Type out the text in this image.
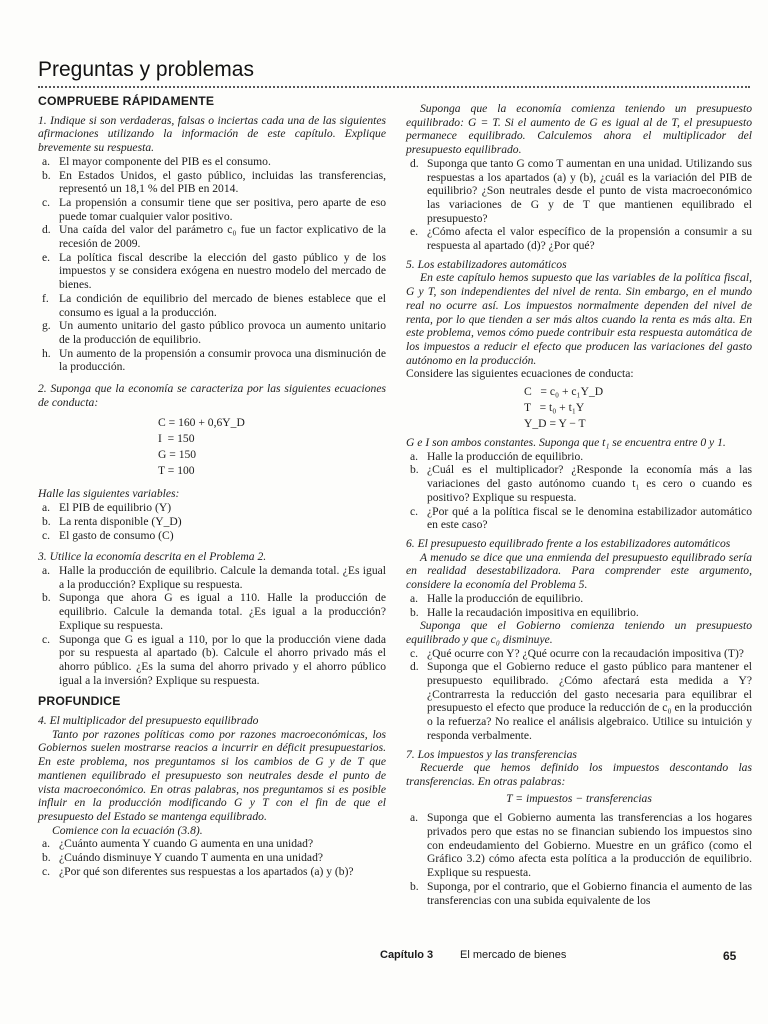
Preguntas y problemas
COMPRUEBE RÁPIDAMENTE

1. Indique si son verdaderas, falsas o inciertas cada una de las siguientes afirmaciones utilizando la información de este capítulo. Explique brevemente su respuesta.

a. El mayor componente del PIB es el consumo.
b. En Estados Unidos, el gasto público, incluidas las transferencias, representó un 18,1 % del PIB en 2014.
c. La propensión a consumir tiene que ser positiva, pero aparte de eso puede tomar cualquier valor positivo.
d. Una caída del valor del parámetro c₀ fue un factor explicativo de la recesión de 2009.
e. La política fiscal describe la elección del gasto público y de los impuestos y se considera exógena en nuestro modelo del mercado de bienes.
f. La condición de equilibrio del mercado de bienes establece que el consumo es igual a la producción.
g. Un aumento unitario del gasto público provoca un aumento unitario de la producción de equilibrio.
h. Un aumento de la propensión a consumir provoca una disminución de la producción.

2. Suponga que la economía se caracteriza por las siguientes ecuaciones de conducta:

C = 160 + 0,6Y_D
I  = 150
G = 150
T = 100

Halle las siguientes variables:

a. El PIB de equilibrio (Y)
b. La renta disponible (Y_D)
c. El gasto de consumo (C)

3. Utilice la economía descrita en el Problema 2.

a. Halle la producción de equilibrio. Calcule la demanda total. ¿Es igual a la producción? Explique su respuesta.
b. Suponga que ahora G es igual a 110. Halle la producción de equilibrio. Calcule la demanda total. ¿Es igual a la producción? Explique su respuesta.
c. Suponga que G es igual a 110, por lo que la producción viene dada por su respuesta al apartado (b). Calcule el ahorro privado más el ahorro público. ¿Es la suma del ahorro privado y el ahorro público igual a la inversión? Explique su respuesta.
PROFUNDICE

4. El multiplicador del presupuesto equilibrado

Tanto por razones políticas como por razones macroeconómicas, los Gobiernos suelen mostrarse reacios a incurrir en déficit presupuestarios. En este problema, nos preguntamos si los cambios de G y de T que mantienen equilibrado el presupuesto son neutrales desde el punto de vista macroeconómico. En otras palabras, nos preguntamos si es posible influir en la producción modificando G y T con el fin de que el presupuesto del Estado se mantenga equilibrado.

Comience con la ecuación (3.8).

a. ¿Cuánto aumenta Y cuando G aumenta en una unidad?
b. ¿Cuándo disminuye Y cuando T aumenta en una unidad?
c. ¿Por qué son diferentes sus respuestas a los apartados (a) y (b)?

Suponga que la economía comienza teniendo un presupuesto equilibrado: G = T. Si el aumento de G es igual al de T, el presupuesto permanece equilibrado. Calculemos ahora el multiplicador del presupuesto equilibrado.

d. Suponga que tanto G como T aumentan en una unidad. Utilizando sus respuestas a los apartados (a) y (b), ¿cuál es la variación del PIB de equilibrio? ¿Son neutrales desde el punto de vista macroeconómico las variaciones de G y de T que mantienen equilibrado el presupuesto?
e. ¿Cómo afecta el valor específico de la propensión a consumir a su respuesta al apartado (d)? ¿Por qué?

5. Los estabilizadores automáticos

En este capítulo hemos supuesto que las variables de la política fiscal, G y T, son independientes del nivel de renta. Sin embargo, en el mundo real no ocurre así. Los impuestos normalmente dependen del nivel de renta, por lo que tienden a ser más altos cuando la renta es más alta. En este problema, vemos cómo puede contribuir esta respuesta automática de los impuestos a reducir el efecto que producen las variaciones del gasto autónomo en la producción.

Considere las siguientes ecuaciones de conducta:

C   = c₀ + c₁Y_D
T   = t₀ + t₁Y
Y_D = Y − T

G e I son ambos constantes. Suponga que t₁ se encuentra entre 0 y 1.

a. Halle la producción de equilibrio.
b. ¿Cuál es el multiplicador? ¿Responde la economía más a las variaciones del gasto autónomo cuando t₁ es cero o cuando es positivo? Explique su respuesta.
c. ¿Por qué a la política fiscal se le denomina estabilizador automático en este caso?

6. El presupuesto equilibrado frente a los estabilizadores automáticos

A menudo se dice que una enmienda del presupuesto equilibrado sería en realidad desestabilizadora. Para comprender este argumento, considere la economía del Problema 5.

a. Halle la producción de equilibrio.
b. Halle la recaudación impositiva en equilibrio.

Suponga que el Gobierno comienza teniendo un presupuesto equilibrado y que c₀ disminuye.

c. ¿Qué ocurre con Y? ¿Qué ocurre con la recaudación impositiva (T)?
d. Suponga que el Gobierno reduce el gasto público para mantener el presupuesto equilibrado. ¿Cómo afectará esta medida a Y? ¿Contrarresta la reducción del gasto necesaria para equilibrar el presupuesto el efecto que produce la reducción de c₀ en la producción o la refuerza? No realice el análisis algebraico. Utilice su intuición y responda verbalmente.

7. Los impuestos y las transferencias

Recuerde que hemos definido los impuestos descontando las transferencias. En otras palabras:

T = impuestos − transferencias

a. Suponga que el Gobierno aumenta las transferencias a los hogares privados pero que estas no se financian subiendo los impuestos sino con endeudamiento del Gobierno. Muestre en un gráfico (como el Gráfico 3.2) cómo afecta esta política a la producción de equilibrio. Explique su respuesta.
b. Suponga, por el contrario, que el Gobierno financia el aumento de las transferencias con una subida equivalente de los
Capítulo 3 El mercado de bienes	65
